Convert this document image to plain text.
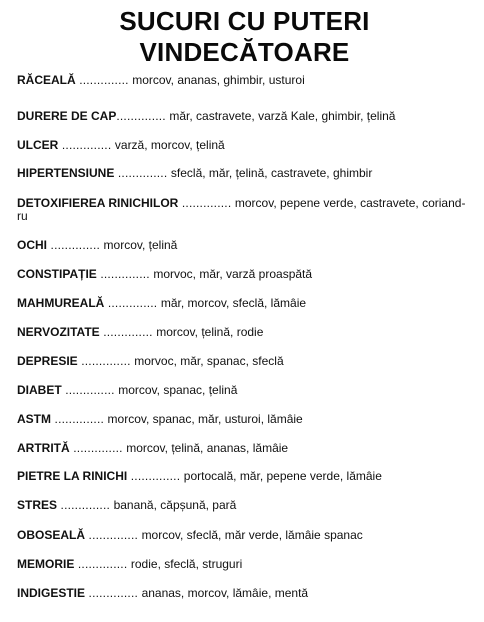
SUCURI CU PUTERI
VINDECĂTOARE
RĂCEALĂ .............. morcov, ananas, ghimbir, usturoi
DURERE DE CAP.............. măr, castravete, varză Kale, ghimbir, țelină
ULCER .............. varză, morcov, țelină
HIPERTENSIUNE .............. sfeclă, măr, țelină, castravete, ghimbir
DETOXIFIEREA RINICHILOR .............. morcov, pepene verde, castravete, coriand-ru
OCHI .............. morcov, țelină
CONSTIPAȚIE .............. morvoc, măr, varză proaspătă
MAHMUREALĂ .............. măr, morcov, sfeclă, lămâie
NERVOZITATE .............. morcov, țelină, rodie
DEPRESIE .............. morvoc, măr, spanac, sfeclă
DIABET .............. morcov, spanac, țelină
ASTM .............. morcov, spanac, măr, usturoi, lămâie
ARTRITĂ .............. morcov, țelină, ananas, lămâie
PIETRE LA RINICHI .............. portocală, măr, pepene verde, lămâie
STRES .............. banană, căpșună, pară
OBOSEALĂ .............. morcov, sfeclă, măr verde, lămâie spanac
MEMORIE .............. rodie, sfeclă, struguri
INDIGESTIE .............. ananas, morcov, lămâie, mentă
